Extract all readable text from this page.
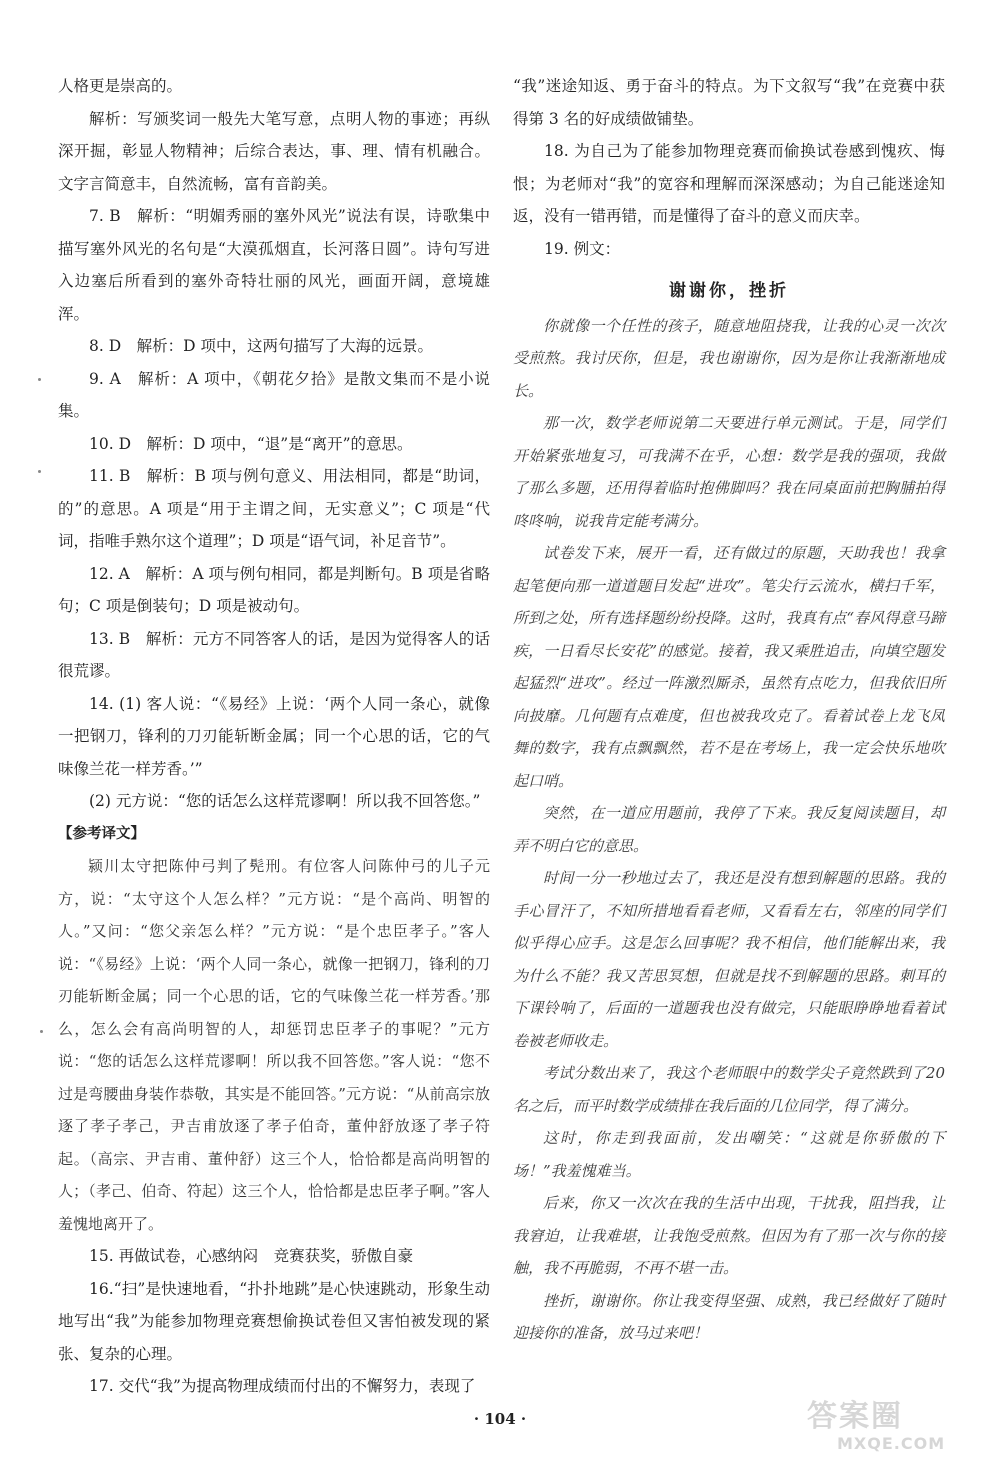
人格更是崇高的。

解析：写颁奖词一般先大笔写意，点明人物的事迹；再纵深开掘，彰显人物精神；后综合表达，事、理、情有机融合。文字言简意丰，自然流畅，富有音韵美。

7. B　解析：“明媚秀丽的塞外风光”说法有误，诗歌集中描写塞外风光的名句是“大漠孤烟直，长河落日圆”。诗句写进入边塞后所看到的塞外奇特壮丽的风光，画面开阔，意境雄浑。

8. D　解析：D 项中，这两句描写了大海的远景。

9. A　解析：A 项中，《朝花夕拾》是散文集而不是小说集。

10. D　解析：D 项中，“退”是“离开”的意思。

11. B　解析：B 项与例句意义、用法相同，都是“助词，的”的意思。A 项是“用于主谓之间，无实意义”；C 项是“代词，指唯手熟尔这个道理”；D 项是“语气词，补足音节”。

12. A　解析：A 项与例句相同，都是判断句。B 项是省略句；C 项是倒装句；D 项是被动句。

13. B　解析：元方不同答客人的话，是因为觉得客人的话很荒谬。

14. (1) 客人说：“《易经》上说：‘两个人同一条心，就像一把钢刀，锋利的刀刃能斩断金属；同一个心思的话，它的气味像兰花一样芳香。’”

(2) 元方说：“您的话怎么这样荒谬啊！所以我不回答您。”

【参考译文】

颍川太守把陈仲弓判了髡刑。有位客人问陈仲弓的儿子元方，说：“太守这个人怎么样？”元方说：“是个高尚、明智的人。”又问：“您父亲怎么样？”元方说：“是个忠臣孝子。”客人说：“《易经》上说：‘两个人同一条心，就像一把钢刀，锋利的刀刃能斩断金属；同一个心思的话，它的气味像兰花一样芳香。’那么，怎么会有高尚明智的人，却惩罚忠臣孝子的事呢？”元方说：“您的话怎么这样荒谬啊！所以我不回答您。”客人说：“您不过是弯腰曲身装作恭敬，其实是不能回答。”元方说：“从前高宗放逐了孝子孝己，尹吉甫放逐了孝子伯奇，董仲舒放逐了孝子符起。（高宗、尹吉甫、董仲舒）这三个人，恰恰都是高尚明智的人；（孝己、伯奇、符起）这三个人，恰恰都是忠臣孝子啊。”客人羞愧地离开了。

15. 再做试卷，心感纳闷　竞赛获奖，骄傲自豪

16.“扫”是快速地看，“扑扑地跳”是心快速跳动，形象生动地写出“我”为能参加物理竞赛想偷换试卷但又害怕被发现的紧张、复杂的心理。

17. 交代“我”为提高物理成绩而付出的不懈努力，表现了

“我”迷途知返、勇于奋斗的特点。为下文叙写“我”在竞赛中获得第 3 名的好成绩做铺垫。

18. 为自己为了能参加物理竞赛而偷换试卷感到愧疚、悔恨；为老师对“我”的宽容和理解而深深感动；为自己能迷途知返，没有一错再错，而是懂得了奋斗的意义而庆幸。

19. 例文：

谢谢你，挫折

你就像一个任性的孩子，随意地阻挠我，让我的心灵一次次受煎熬。我讨厌你，但是，我也谢谢你，因为是你让我渐渐地成长。

那一次，数学老师说第二天要进行单元测试。于是，同学们开始紧张地复习，可我满不在乎，心想：数学是我的强项，我做了那么多题，还用得着临时抱佛脚吗？我在同桌面前把胸脯拍得咚咚响，说我肯定能考满分。

试卷发下来，展开一看，还有做过的原题，天助我也！我拿起笔便向那一道道题目发起“进攻”。笔尖行云流水，横扫千军，所到之处，所有选择题纷纷投降。这时，我真有点“春风得意马蹄疾，一日看尽长安花”的感觉。接着，我又乘胜追击，向填空题发起猛烈“进攻”。经过一阵激烈厮杀，虽然有点吃力，但我依旧所向披靡。几何题有点难度，但也被我攻克了。看着试卷上龙飞凤舞的数字，我有点飘飘然，若不是在考场上，我一定会快乐地吹起口哨。

突然，在一道应用题前，我停了下来。我反复阅读题目，却弄不明白它的意思。

时间一分一秒地过去了，我还是没有想到解题的思路。我的手心冒汗了，不知所措地看看老师，又看看左右，邻座的同学们似乎得心应手。这是怎么回事呢？我不相信，他们能解出来，我为什么不能？我又苦思冥想，但就是找不到解题的思路。刺耳的下课铃响了，后面的一道题我也没有做完，只能眼睁睁地看着试卷被老师收走。

考试分数出来了，我这个老师眼中的数学尖子竟然跌到了20名之后，而平时数学成绩排在我后面的几位同学，得了满分。

这时，你走到我面前，发出嘲笑：“这就是你骄傲的下场！”我羞愧难当。

后来，你又一次次在我的生活中出现，干扰我，阻挡我，让我窘迫，让我难堪，让我饱受煎熬。但因为有了那一次与你的接触，我不再脆弱，不再不堪一击。

挫折，谢谢你。你让我变得坚强、成熟，我已经做好了随时迎接你的准备，放马过来吧！

· 104 ·	答案圈
MXQE.COM
